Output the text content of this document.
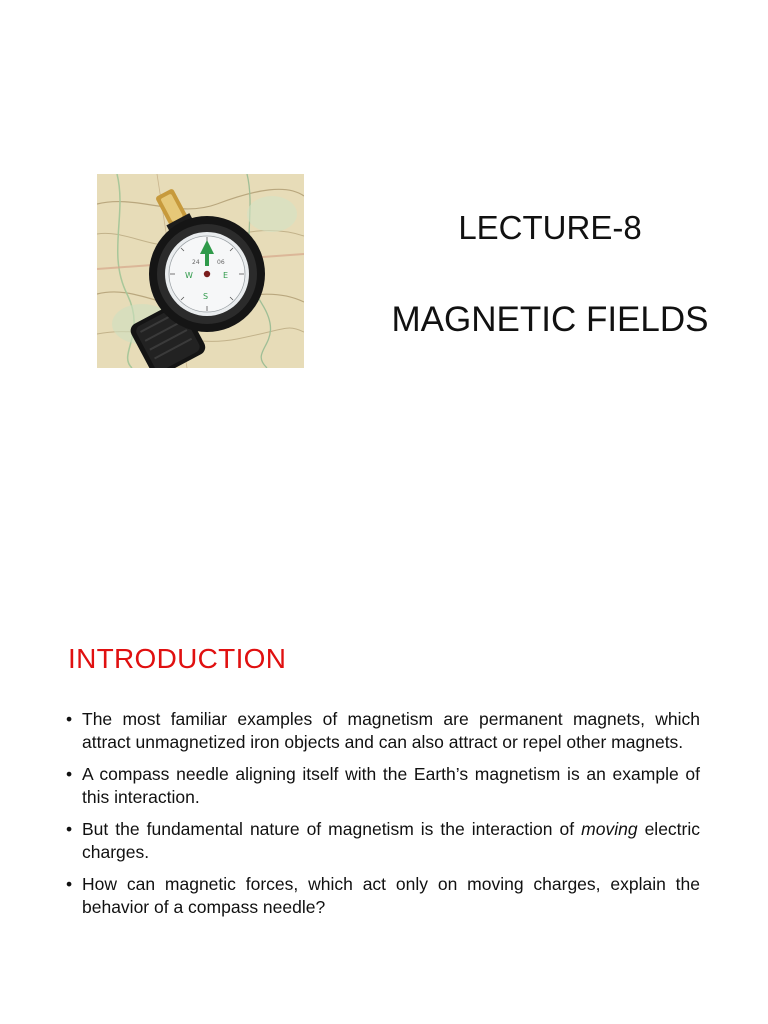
W	E
S
24	06
LECTURE-8
MAGNETIC FIELDS
INTRODUCTION
• The most familiar examples of magnetism are permanent magnets, which attract unmagnetized iron objects and can also attract or repel other magnets.
• A compass needle aligning itself with the Earth’s magnetism is an example of this interaction.
• But the fundamental nature of magnetism is the interaction of moving electric charges.
• How can magnetic forces, which act only on moving charges, explain the behavior of a compass needle?
